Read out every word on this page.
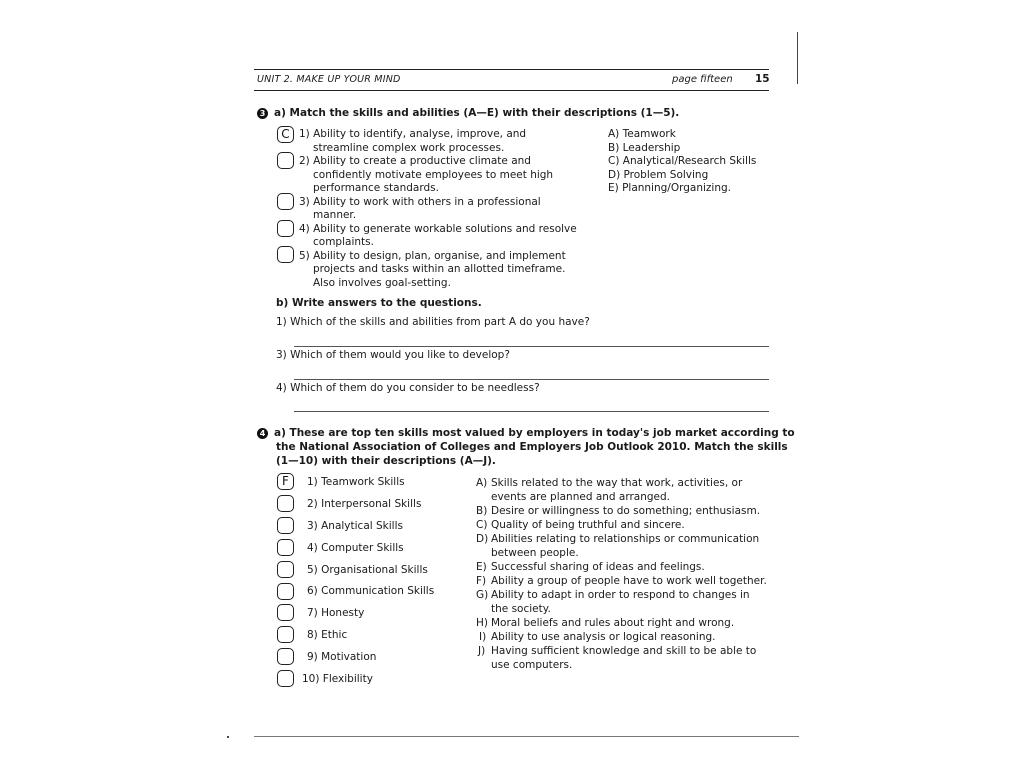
UNIT 2. MAKE UP YOUR MIND	page fifteen 15
3 a) Match the skills and abilities (A—E) with their descriptions (1—5).
C 1) Ability to identify, analyse, improve, and
streamline complex work processes.
2) Ability to create a productive climate and
confidently motivate employees to meet high
performance standards.
3) Ability to work with others in a professional
manner.
4) Ability to generate workable solutions and resolve
complaints.
5) Ability to design, plan, organise, and implement
projects and tasks within an allotted timeframe.
Also involves goal-setting.
A) Teamwork
B) Leadership
C) Analytical/Research Skills
D) Problem Solving
E) Planning/Organizing.
b) Write answers to the questions.
1) Which of the skills and abilities from part A do you have?
3) Which of them would you like to develop?
4) Which of them do you consider to be needless?
4 a) These are top ten skills most valued by employers in today's job market according to
the National Association of Colleges and Employers Job Outlook 2010. Match the skills
(1—10) with their descriptions (A—J).
F	1) Teamwork Skills
2) Interpersonal Skills
3) Analytical Skills
4) Computer Skills
5) Organisational Skills
6) Communication Skills
7) Honesty
8) Ethic
9) Motivation
10) Flexibility
A) Skills related to the way that work, activities, or events are planned and arranged.
B) Desire or willingness to do something; enthusiasm.
C) Quality of being truthful and sincere.
D) Abilities relating to relationships or communication between people.
E) Successful sharing of ideas and feelings.
F) Ability a group of people have to work well together.
G) Ability to adapt in order to respond to changes in the society.
H) Moral beliefs and rules about right and wrong.
I) Ability to use analysis or logical reasoning.
J) Having sufficient knowledge and skill to be able to use computers.
